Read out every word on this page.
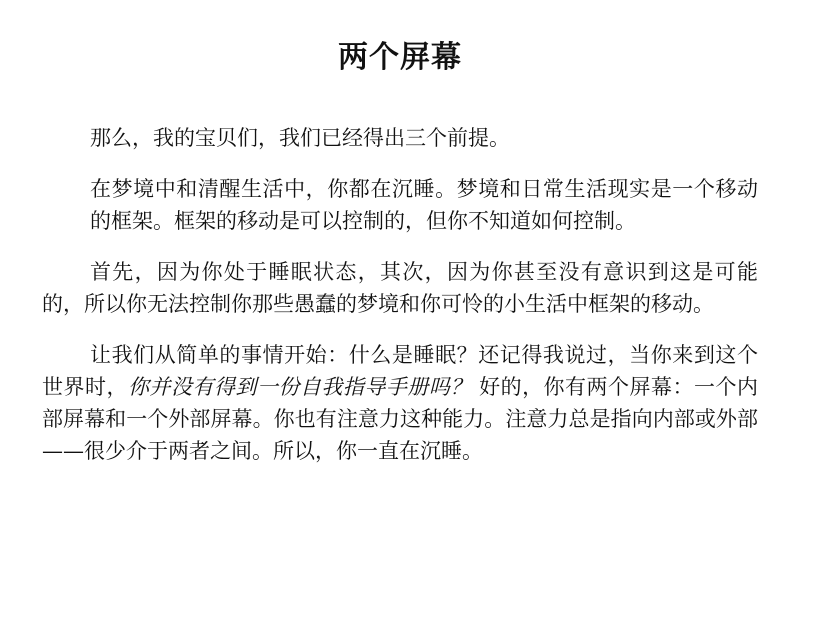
两个屏幕

那么，我的宝贝们，我们已经得出三个前提。

在梦境中和清醒生活中，你都在沉睡。梦境和日常生活现实是一个移动的框架。框架的移动是可以控制的，但你不知道如何控制。

首先，因为你处于睡眠状态，其次，因为你甚至没有意识到这是可能的，所以你无法控制你那些愚蠢的梦境和你可怜的小生活中框架的移动。

让我们从简单的事情开始：什么是睡眠？还记得我说过，当你来到这个世界时，你并没有得到一份自我指导手册吗？ 好的，你有两个屏幕：一个内部屏幕和一个外部屏幕。你也有注意力这种能力。注意力总是指向内部或外部——很少介于两者之间。所以，你一直在沉睡。
